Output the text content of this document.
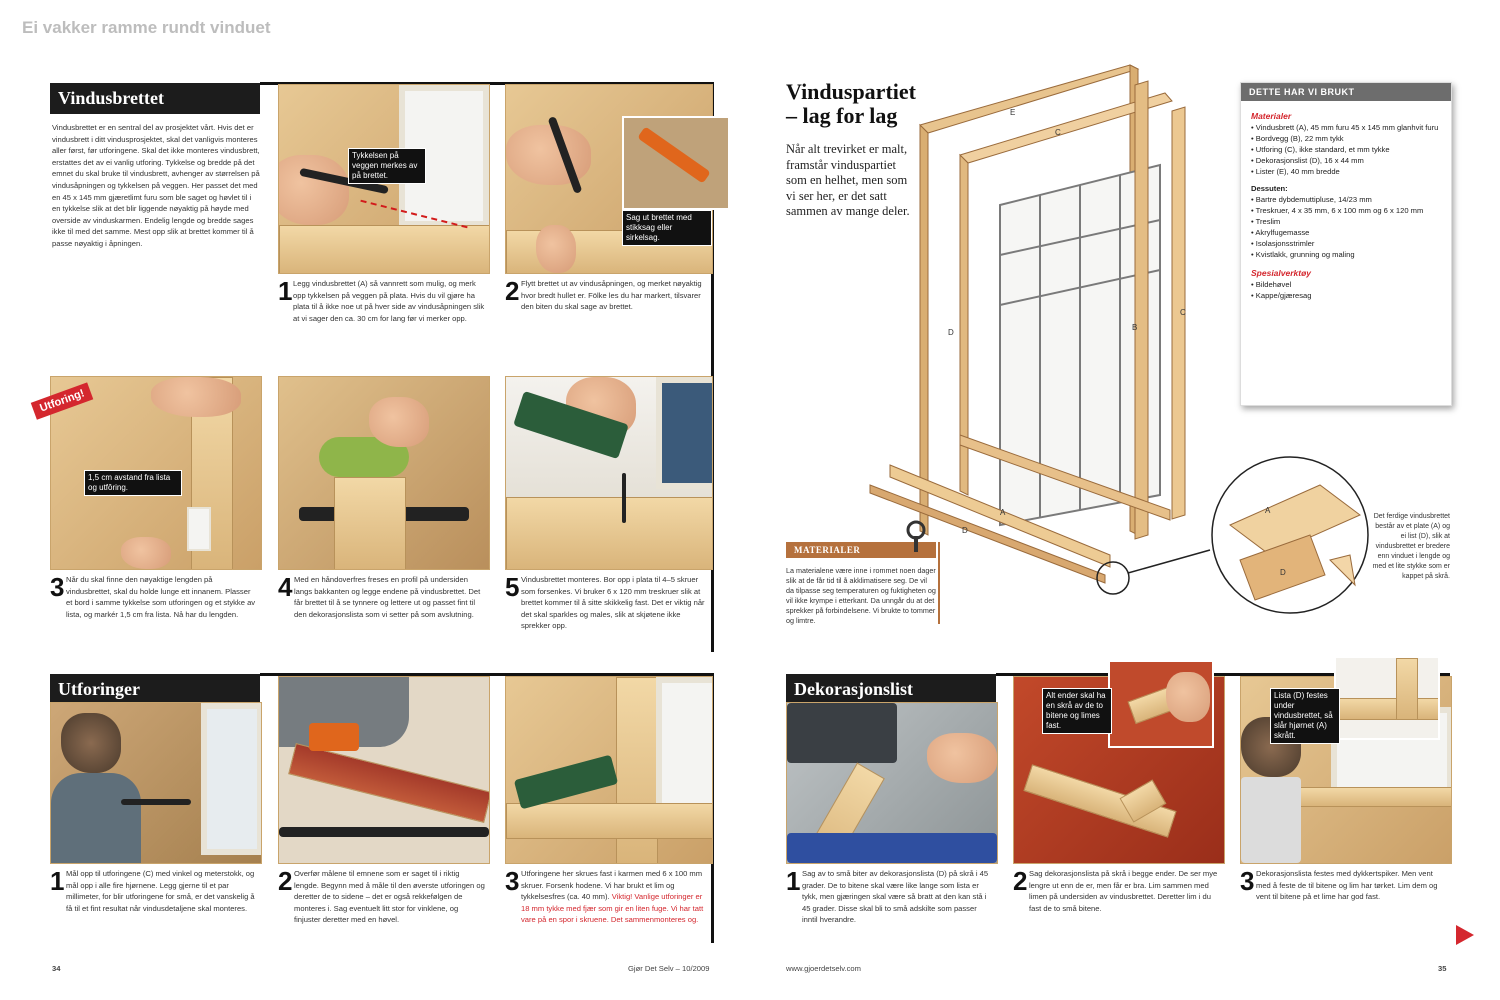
Ei vakker ramme rundt vinduet
Vindusbrettet
Vindusbrettet er en sentral del av prosjektet vårt. Hvis det er vindusbrett i ditt vindusprosjektet, skal det vanligvis monteres aller først, før utforingene. Skal det ikke monteres vindusbrett, erstattes det av ei vanlig utforing. Tykkelse og bredde på det emnet du skal bruke til vindusbrett, avhenger av størrelsen på vindusåpningen og tykkelsen på veggen. Her passet det med en 45 x 145 mm gjæretlimt furu som ble saget og høvlet til i en tykkelse slik at det blir liggende nøyaktig på høyde med overside av vinduskarmen. Endelig lengde og bredde sages ikke til med det samme. Mest opp slik at brettet kommer til å passe nøyaktig i åpningen.
Tykkelsen på veggen merkes av på brettet.
Sag ut brettet med stikksag eller sirkelsag.
1 Legg vindusbrettet (A) så vannrett som mulig, og merk opp tykkelsen på veggen på plata. Hvis du vil gjøre ha plata til å ikke noe ut på hver side av vindusåpningen slik at vi sager den ca. 30 cm for lang før vi merker opp.
2 Flytt brettet ut av vindusåpningen, og merket nøyaktig hvor bredt hullet er. Fölke les du har markert, tilsvarer den biten du skal sage av brettet.
Utforing!
1,5 cm avstand fra lista og utfôring.
3 Når du skal finne den nøyaktige lengden på vindusbrettet, skal du holde lunge ett innanem. Plasser et bord i samme tykkelse som utforingen og et stykke av lista, og markér 1,5 cm fra lista. Nå har du lengden.
4 Med en håndoverfres freses en profil på undersiden langs bakkanten og legge endene på vindusbrettet. Det får brettet til å se tynnere og lettere ut og passet fint til den dekorasjonslista som vi setter på som avslutning.
5 Vindusbrettet monteres. Bor opp i plata til 4–5 skruer som forsenkes. Vi bruker 6 x 120 mm treskruer slik at brettet kommer til å sitte skikkelig fast. Det er viktig når det skal sparkles og males, slik at skjøtene ikke sprekker opp.
Utforinger
1 Mål opp til utforingene (C) med vinkel og meterstokk, og mål opp i alle fire hjørnene. Legg gjerne til et par millimeter, for blir utforingene for små, er det vanskelig å få til et fint resultat når vindusdetaljene skal monteres.
2 Overfør målene til emnene som er saget til i riktig lengde. Begynn med å måle til den øverste utforingen og deretter de to sidene – det er også rekkefølgen de monteres i. Sag eventuelt litt stor for vinklene, og finjuster deretter med en høvel.
3 Utforingene her skrues fast i karmen med 6 x 100 mm skruer. Forsenk hodene. Vi har brukt et lim og tykkelsesfres (ca. 40 mm). Viktig! Vanlige utforinger er 18 mm tykke med fjær som gir en liten fuge. Vi har tatt vare på en spor i skruene. Det sammenmonteres og.
Vinduspartiet
– lag for lag
Når alt trevirket er malt, framstår vinduspartiet som en helhet, men som vi ser her, er det satt sammen av mange deler.
E
C
D
B
C
A
D
A
D
Det ferdige vindusbrettet består av et plate (A) og ei list (D), slik at vindusbrettet er bredere enn vinduet i lengde og med et lite stykke som er kappet på skrå.
DETTE HAR VI BRUKT
Materialer
• Vindusbrett (A), 45 mm furu 45 x 145 mm glanhvit furu
• Bordvegg (B), 22 mm tykk
• Utforing (C), ikke standard, et mm tykke
• Dekorasjonslist (D), 16 x 44 mm
• Lister (E), 40 mm bredde
Dessuten:
• Bartre dybdemuttipluse, 14/23 mm
• Treskruer, 4 x 35 mm, 6 x 100 mm og 6 x 120 mm
• Treslim
• Akrylfugemasse
• Isolasjonsstrimler
• Kvistlakk, grunning og maling
Spesialverktøy
• Bildehøvel
• Kappe/gjæresag
MATERIALER
La materialene være inne i rommet noen dager slik at de får tid til å akklimatisere seg. De vil da tilpasse seg temperaturen og fuktigheten og vil ikke krympe i etterkant. Da unngår du at det sprekker på forbindelsene. Vi brukte to tommer og limtre.
Dekorasjonslist	Alt ender skal ha en skrå av de to bitene og limes fast.
Lista (D) festes under vindusbrettet, så slår hjørnet (A) skrått.
1 Sag av to små biter av dekorasjonslista (D) på skrå i 45 grader. De to bitene skal være like lange som lista er tykk, men gjæringen skal være så bratt at den kan stå i 45 grader. Disse skal bli to små adskilte som passer inntil hverandre.
2 Sag dekorasjonslista på skrå i begge ender. De ser mye lengre ut enn de er, men får er bra. Lim sammen med limen på undersiden av vindusbrettet. Deretter lim i du fast de to små bitene.
3 Dekorasjonslista festes med dykkertspiker. Men vent med å feste de til bitene og lim har tørket. Lim dem og vent til bitene på et lime har god fast.
34	Gjør Det Selv – 10/2009	www.gjoerdetselv.com	35
